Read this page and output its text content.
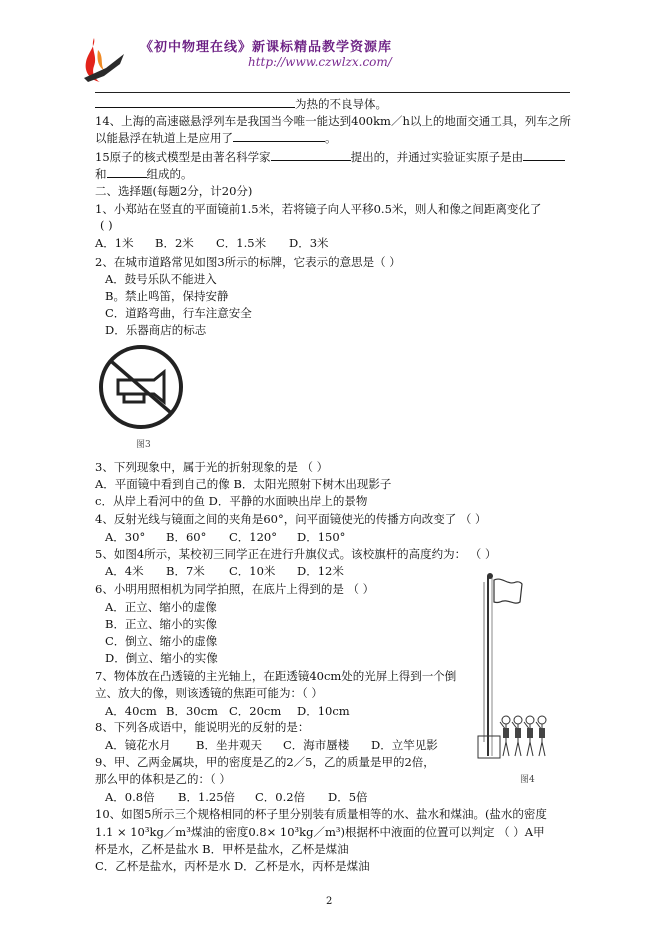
《初中物理在线》新课标精品教学资源库
http://www.czwlzx.com/
为热的不良导体。
14、上海的高速磁悬浮列车是我国当今唯一能达到400km／h以上的地面交通工具，列车之所
以能悬浮在轨道上是应用了	。
15原子的核式模型是由著名科学家	提出的，并通过实验证实原子是由
和	组成的。
二、选择题(每题2分，计20分)
1、小郑站在竖直的平面镜前1.5米，若将镜子向人平移0.5米，则人和像之间距离变化了
( )
A．1米 B．2米 C．1.5米 D．3米
2、在城市道路常见如图3所示的标牌，它表示的意思是（ ）
A．鼓号乐队不能进入
B。禁止鸣笛，保持安静
C．道路弯曲，行车注意安全
D．乐器商店的标志
图3
3、下列现象中，属于光的折射现象的是 （ ）
A．平面镜中看到自己的像 B．太阳光照射下树木出现影子
c．从岸上看河中的鱼 D．平静的水面映出岸上的景物
4、反射光线与镜面之间的夹角是60°，问平面镜使光的传播方向改变了 （ ）
A．30° B．60° C．120° D．150°
5、如图4所示，某校初三同学正在进行升旗仪式。该校旗杆的高度约为： （ ）
A．4米 B．7米 C．10米 D．12米
6、小明用照相机为同学拍照，在底片上得到的是 （ ）
A．正立、缩小的虚像
B．正立、缩小的实像
C．倒立、缩小的虚像
D．倒立、缩小的实像
7、物体放在凸透镜的主光轴上，在距透镜40cm处的光屏上得到一个倒
立、放大的像，则该透镜的焦距可能为：（ ）
A．40cm B．30cm C．20cm D．10cm
8、下列各成语中，能说明光的反射的是：
A．镜花水月 B．坐井观天 C．海市蜃楼 D．立竿见影
9、甲、乙两金属块，甲的密度是乙的2／5，乙的质量是甲的2倍，
那么甲的体积是乙的：（ ）
A．0.8倍 B．1.25倍 C．0.2倍 D．5倍
10、如图5所示三个规格相同的杯子里分别装有质量相等的水、盐水和煤油。(盐水的密度
1.1 × 10³kg／m³煤油的密度0.8× 10³kg／m³)根据杯中液面的位置可以判定 （ ）A甲
杯是水，乙杯是盐水 B．甲杯是盐水，乙杯是煤油
C．乙杯是盐水，丙杯是水 D．乙杯是水，丙杯是煤油
图4
2
